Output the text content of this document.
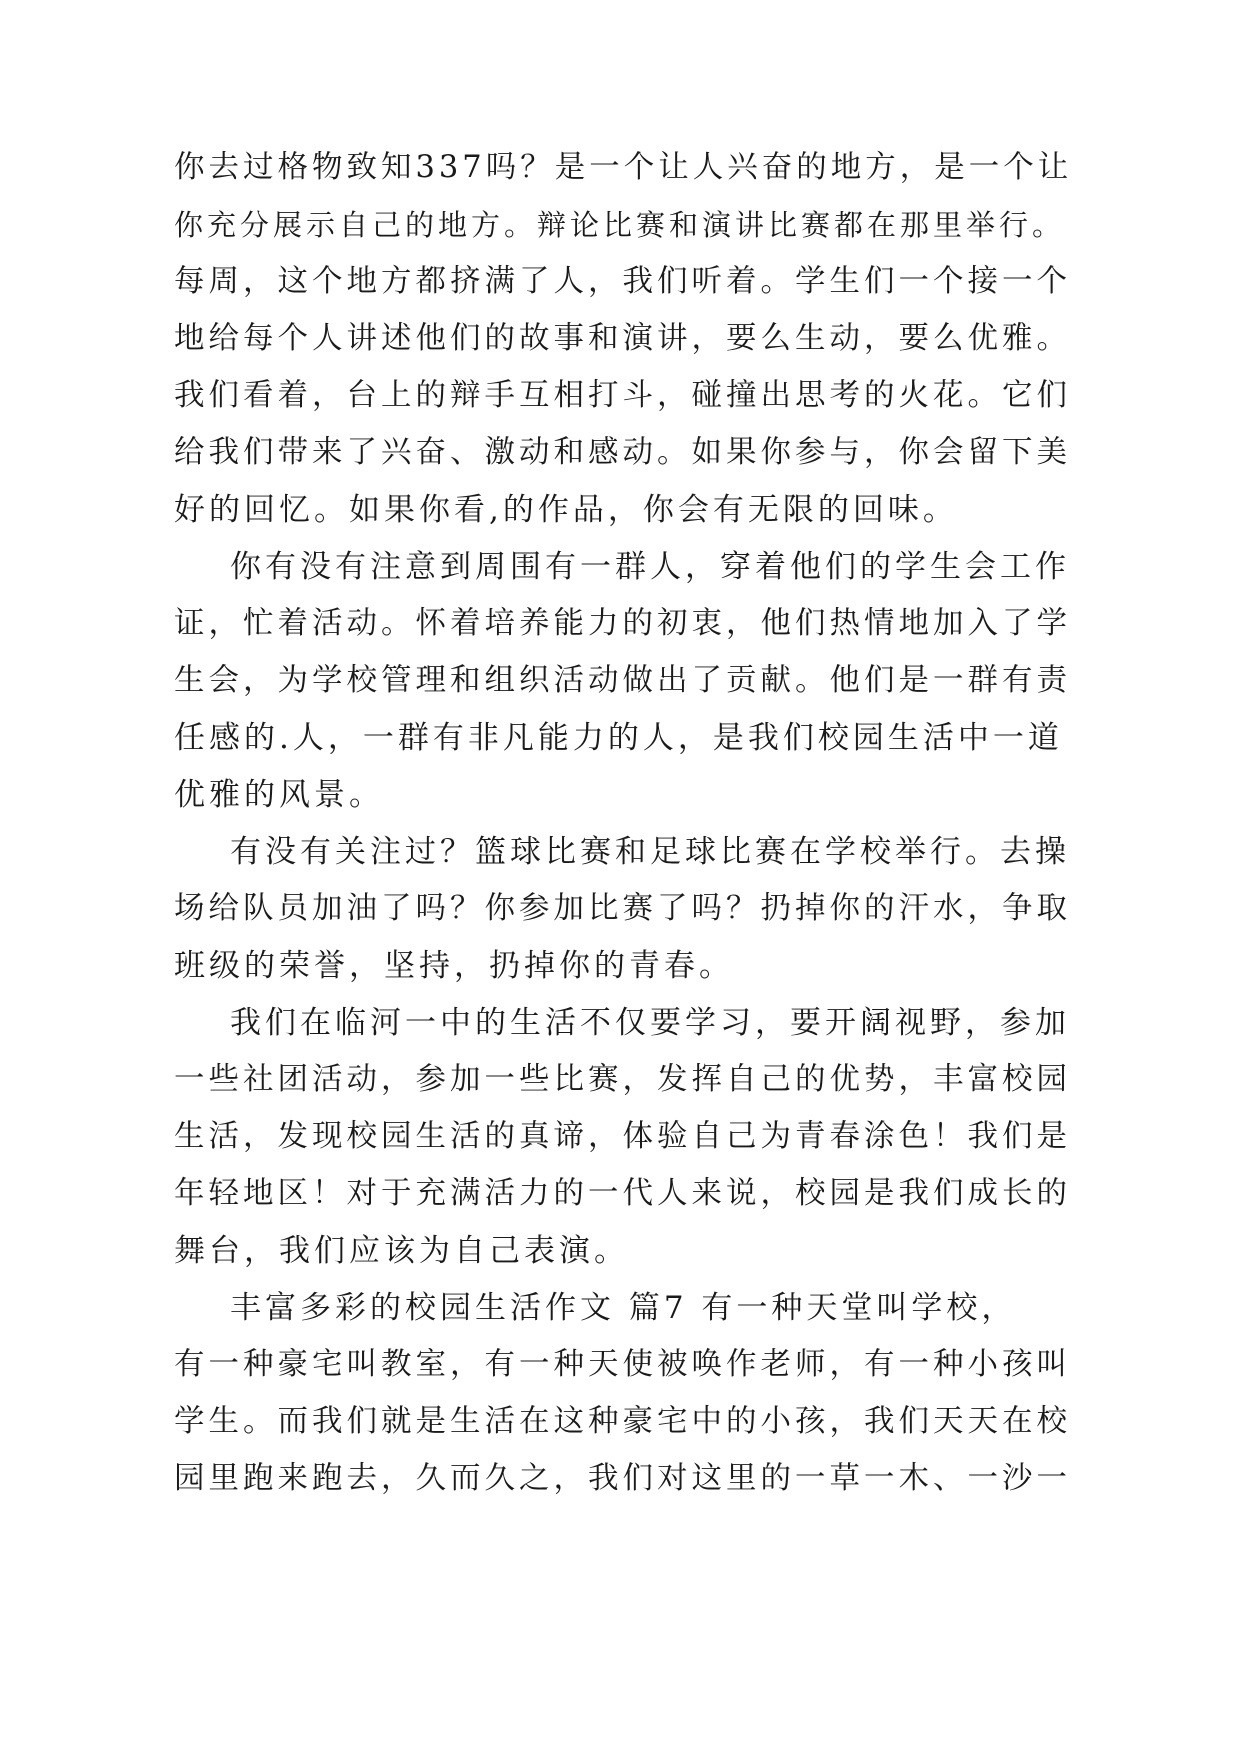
你去过格物致知337吗？是一个让人兴奋的地方，是一个让
你充分展示自己的地方。辩论比赛和演讲比赛都在那里举行。
每周，这个地方都挤满了人，我们听着。学生们一个接一个
地给每个人讲述他们的故事和演讲，要么生动，要么优雅。
我们看着，台上的辩手互相打斗，碰撞出思考的火花。它们
给我们带来了兴奋、激动和感动。如果你参与，你会留下美
好的回忆。如果你看,的作品，你会有无限的回味。
你有没有注意到周围有一群人，穿着他们的学生会工作
证，忙着活动。怀着培养能力的初衷，他们热情地加入了学
生会，为学校管理和组织活动做出了贡献。他们是一群有责
任感的.人，一群有非凡能力的人，是我们校园生活中一道
优雅的风景。
有没有关注过？篮球比赛和足球比赛在学校举行。去操
场给队员加油了吗？你参加比赛了吗？扔掉你的汗水，争取
班级的荣誉，坚持，扔掉你的青春。
我们在临河一中的生活不仅要学习，要开阔视野，参加
一些社团活动，参加一些比赛，发挥自己的优势，丰富校园
生活，发现校园生活的真谛，体验自己为青春涂色！我们是
年轻地区！对于充满活力的一代人来说，校园是我们成长的
舞台，我们应该为自己表演。
丰富多彩的校园生活作文 篇7 有一种天堂叫学校，
有一种豪宅叫教室，有一种天使被唤作老师，有一种小孩叫
学生。而我们就是生活在这种豪宅中的小孩，我们天天在校
园里跑来跑去，久而久之，我们对这里的一草一木、一沙一
